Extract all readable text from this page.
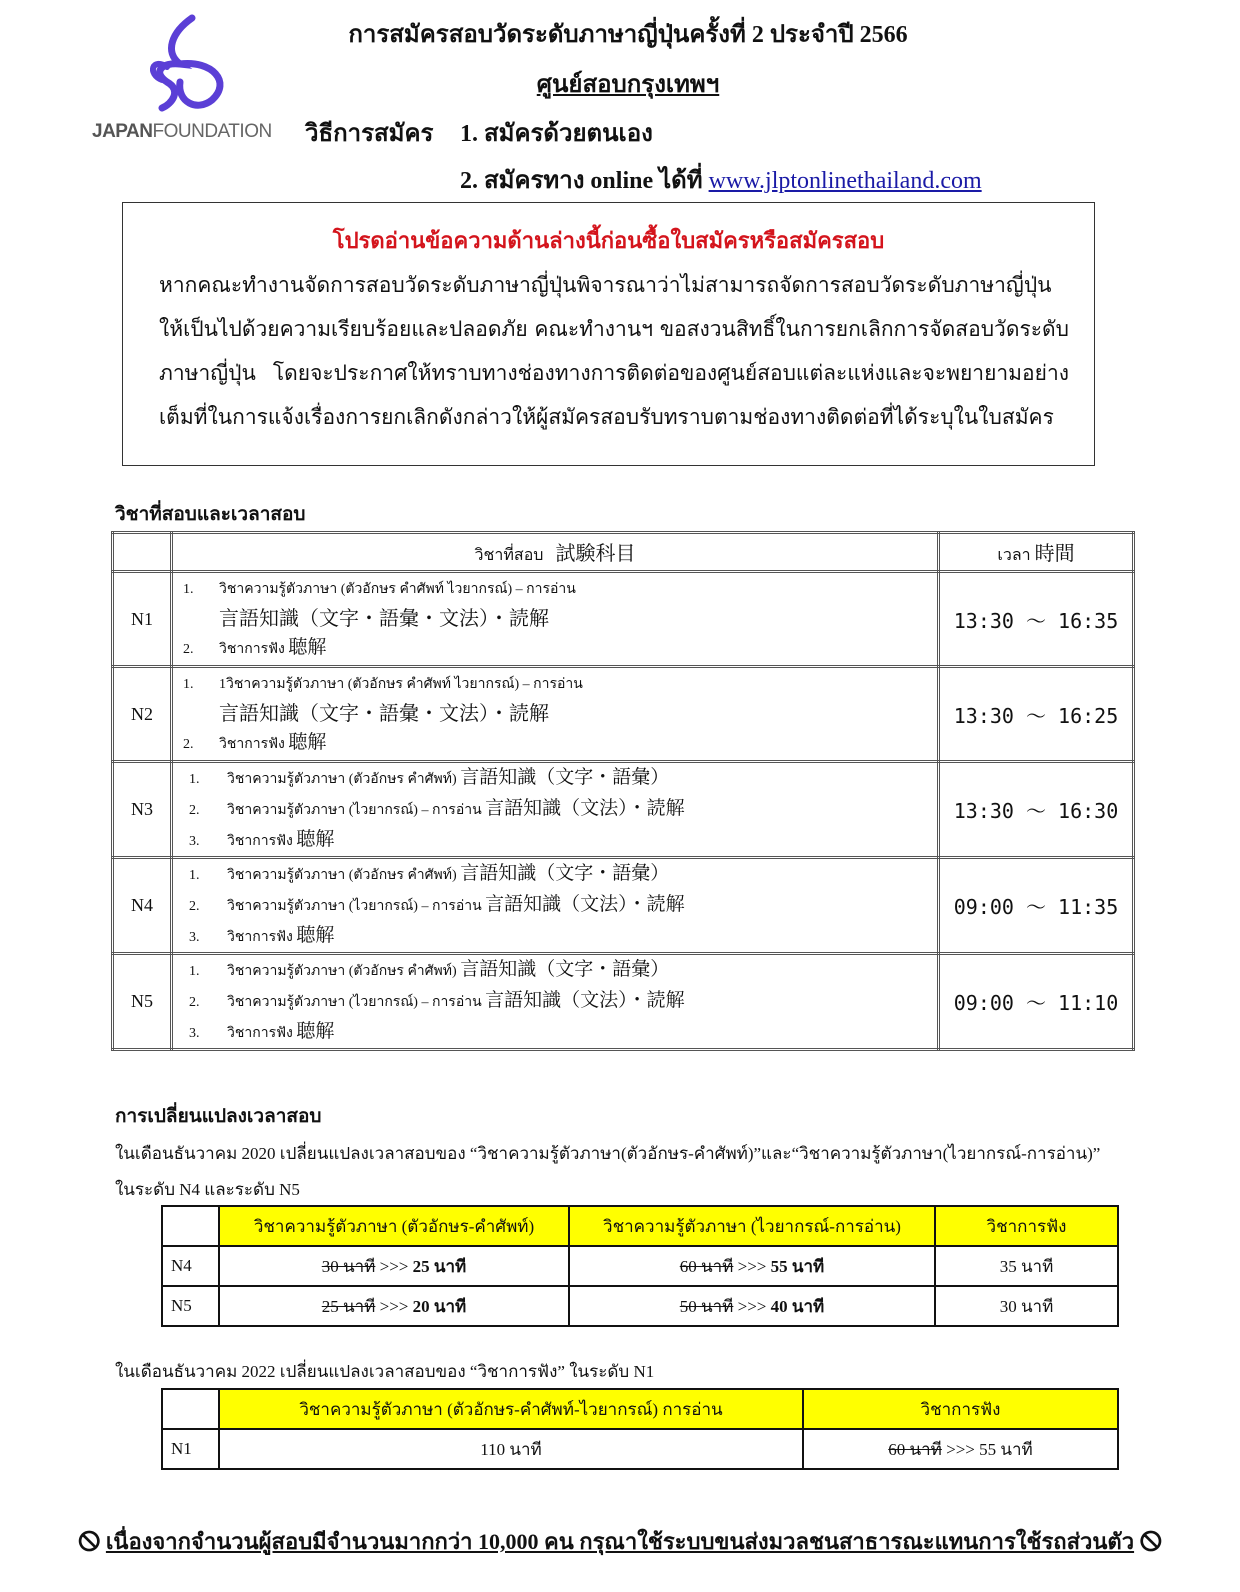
JAPANFOUNDATION
การสมัครสอบวัดระดับภาษาญี่ปุ่นครั้งที่ 2 ประจำปี 2566
ศูนย์สอบกรุงเทพฯ
วิธีการสมัคร 1. สมัครด้วยตนเอง
2. สมัครทาง online ได้ที่ www.jlptonlinethailand.com
โปรดอ่านข้อความด้านล่างนี้ก่อนซื้อใบสมัครหรือสมัครสอบ
หากคณะทำงานจัดการสอบวัดระดับภาษาญี่ปุ่นพิจารณาว่าไม่สามารถจัดการสอบวัดระดับภาษาญี่ปุ่นให้เป็นไปด้วยความเรียบร้อยและปลอดภัย คณะทำงานฯ ขอสงวนสิทธิ์ในการยกเลิกการจัดสอบวัดระดับภาษาญี่ปุ่น โดยจะประกาศให้ทราบทางช่องทางการติดต่อของศูนย์สอบแต่ละแห่งและจะพยายามอย่างเต็มที่ในการแจ้งเรื่องการยกเลิกดังกล่าวให้ผู้สมัครสอบรับทราบตามช่องทางติดต่อที่ได้ระบุในใบสมัคร
วิชาที่สอบและเวลาสอบ
	วิชาที่สอบ 試験科目	เวลา 時間
N1	1. วิชาความรู้ตัวภาษา (ตัวอักษร คำศัพท์ ไวยากรณ์) – การอ่าน
言語知識（文字・語彙・文法）・読解
2. วิชาการฟัง 聴解	13:30 〜 16:35
N2	1. 1วิชาความรู้ตัวภาษา (ตัวอักษร คำศัพท์ ไวยากรณ์) – การอ่าน
言語知識（文字・語彙・文法）・読解
2. วิชาการฟัง 聴解	13:30 〜 16:25
N3	1. วิชาความรู้ตัวภาษา (ตัวอักษร คำศัพท์) 言語知識（文字・語彙）
2. วิชาความรู้ตัวภาษา (ไวยากรณ์) – การอ่าน 言語知識（文法）・読解
3. วิชาการฟัง 聴解	13:30 〜 16:30
N4	1. วิชาความรู้ตัวภาษา (ตัวอักษร คำศัพท์) 言語知識（文字・語彙）
2. วิชาความรู้ตัวภาษา (ไวยากรณ์) – การอ่าน 言語知識（文法）・読解
3. วิชาการฟัง 聴解	09:00 〜 11:35
N5	1. วิชาความรู้ตัวภาษา (ตัวอักษร คำศัพท์) 言語知識（文字・語彙）
2. วิชาความรู้ตัวภาษา (ไวยากรณ์) – การอ่าน 言語知識（文法）・読解
3. วิชาการฟัง 聴解	09:00 〜 11:10
การเปลี่ยนแปลงเวลาสอบ
ในเดือนธันวาคม 2020 เปลี่ยนแปลงเวลาสอบของ “วิชาความรู้ตัวภาษา(ตัวอักษร-คำศัพท์)”และ“วิชาความรู้ตัวภาษา(ไวยากรณ์-การอ่าน)”
ในระดับ N4 และระดับ N5
	วิชาความรู้ตัวภาษา (ตัวอักษร-คำศัพท์)	วิชาความรู้ตัวภาษา (ไวยากรณ์-การอ่าน)	วิชาการฟัง
N4	30 นาที >>> 25 นาที	60 นาที >>> 55 นาที	35 นาที
N5	25 นาที >>> 20 นาที	50 นาที >>> 40 นาที	30 นาที
ในเดือนธันวาคม 2022 เปลี่ยนแปลงเวลาสอบของ “วิชาการฟัง” ในระดับ N1
	วิชาความรู้ตัวภาษา (ตัวอักษร-คำศัพท์-ไวยากรณ์) การอ่าน	วิชาการฟัง
N1	110 นาที	60 นาที >>> 55 นาที
🛇 เนื่องจากจำนวนผู้สอบมีจำนวนมากกว่า 10,000 คน กรุณาใช้ระบบขนส่งมวลชนสาธารณะแทนการใช้รถส่วนตัว 🛇
